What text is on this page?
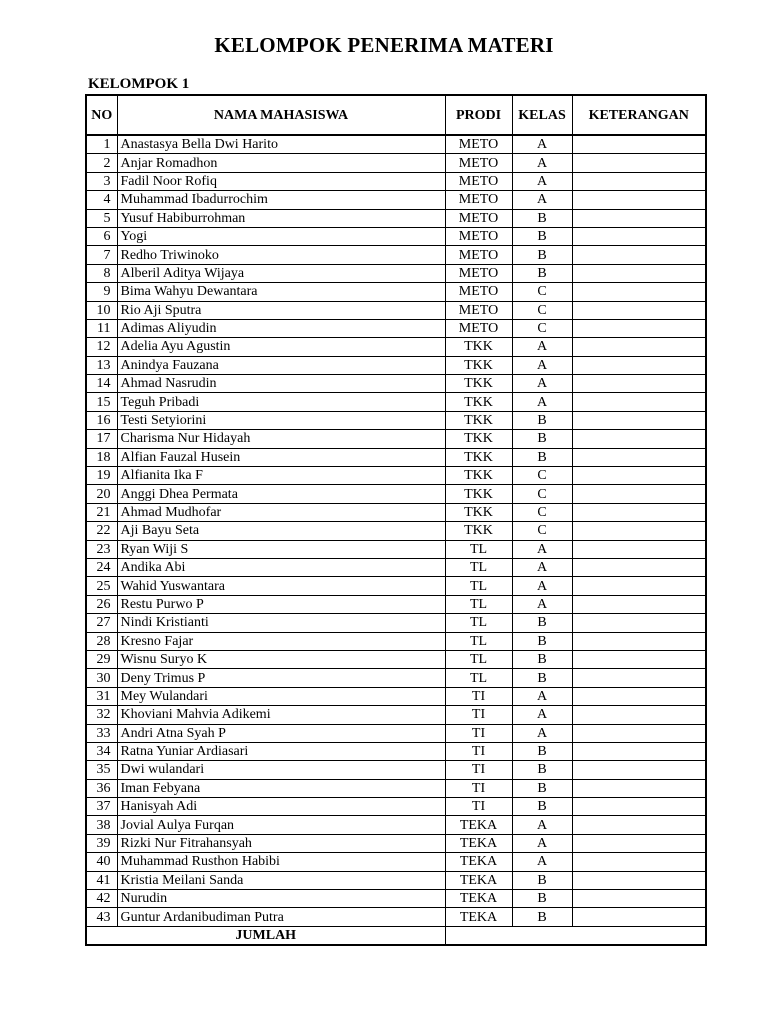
KELOMPOK PENERIMA MATERI
KELOMPOK 1
NO	NAMA MAHASISWA	PRODI	KELAS	KETERANGAN
1	Anastasya Bella Dwi Harito	METO	A	
2	Anjar Romadhon	METO	A	
3	Fadil Noor Rofiq	METO	A	
4	Muhammad Ibadurrochim	METO	A	
5	Yusuf Habiburrohman	METO	B	
6	Yogi	METO	B	
7	Redho Triwinoko	METO	B	
8	Alberil Aditya Wijaya	METO	B	
9	Bima Wahyu Dewantara	METO	C	
10	Rio Aji Sputra	METO	C	
11	Adimas Aliyudin	METO	C	
12	Adelia Ayu Agustin	TKK	A	
13	Anindya Fauzana	TKK	A	
14	Ahmad Nasrudin	TKK	A	
15	Teguh Pribadi	TKK	A	
16	Testi Setyiorini	TKK	B	
17	Charisma Nur Hidayah	TKK	B	
18	Alfian Fauzal Husein	TKK	B	
19	Alfianita Ika F	TKK	C	
20	Anggi Dhea Permata	TKK	C	
21	Ahmad Mudhofar	TKK	C	
22	Aji Bayu Seta	TKK	C	
23	Ryan Wiji S	TL	A	
24	Andika Abi	TL	A	
25	Wahid Yuswantara	TL	A	
26	Restu Purwo P	TL	A	
27	Nindi Kristianti	TL	B	
28	Kresno Fajar	TL	B	
29	Wisnu Suryo K	TL	B	
30	Deny Trimus P	TL	B	
31	Mey Wulandari	TI	A	
32	Khoviani Mahvia Adikemi	TI	A	
33	Andri Atna Syah P	TI	A	
34	Ratna Yuniar Ardiasari	TI	B	
35	Dwi wulandari	TI	B	
36	Iman Febyana	TI	B	
37	Hanisyah Adi	TI	B	
38	Jovial Aulya Furqan	TEKA	A	
39	Rizki Nur Fitrahansyah	TEKA	A	
40	Muhammad Rusthon Habibi	TEKA	A	
41	Kristia Meilani Sanda	TEKA	B	
42	Nurudin	TEKA	B	
43	Guntur Ardanibudiman Putra	TEKA	B	
JUMLAH				
